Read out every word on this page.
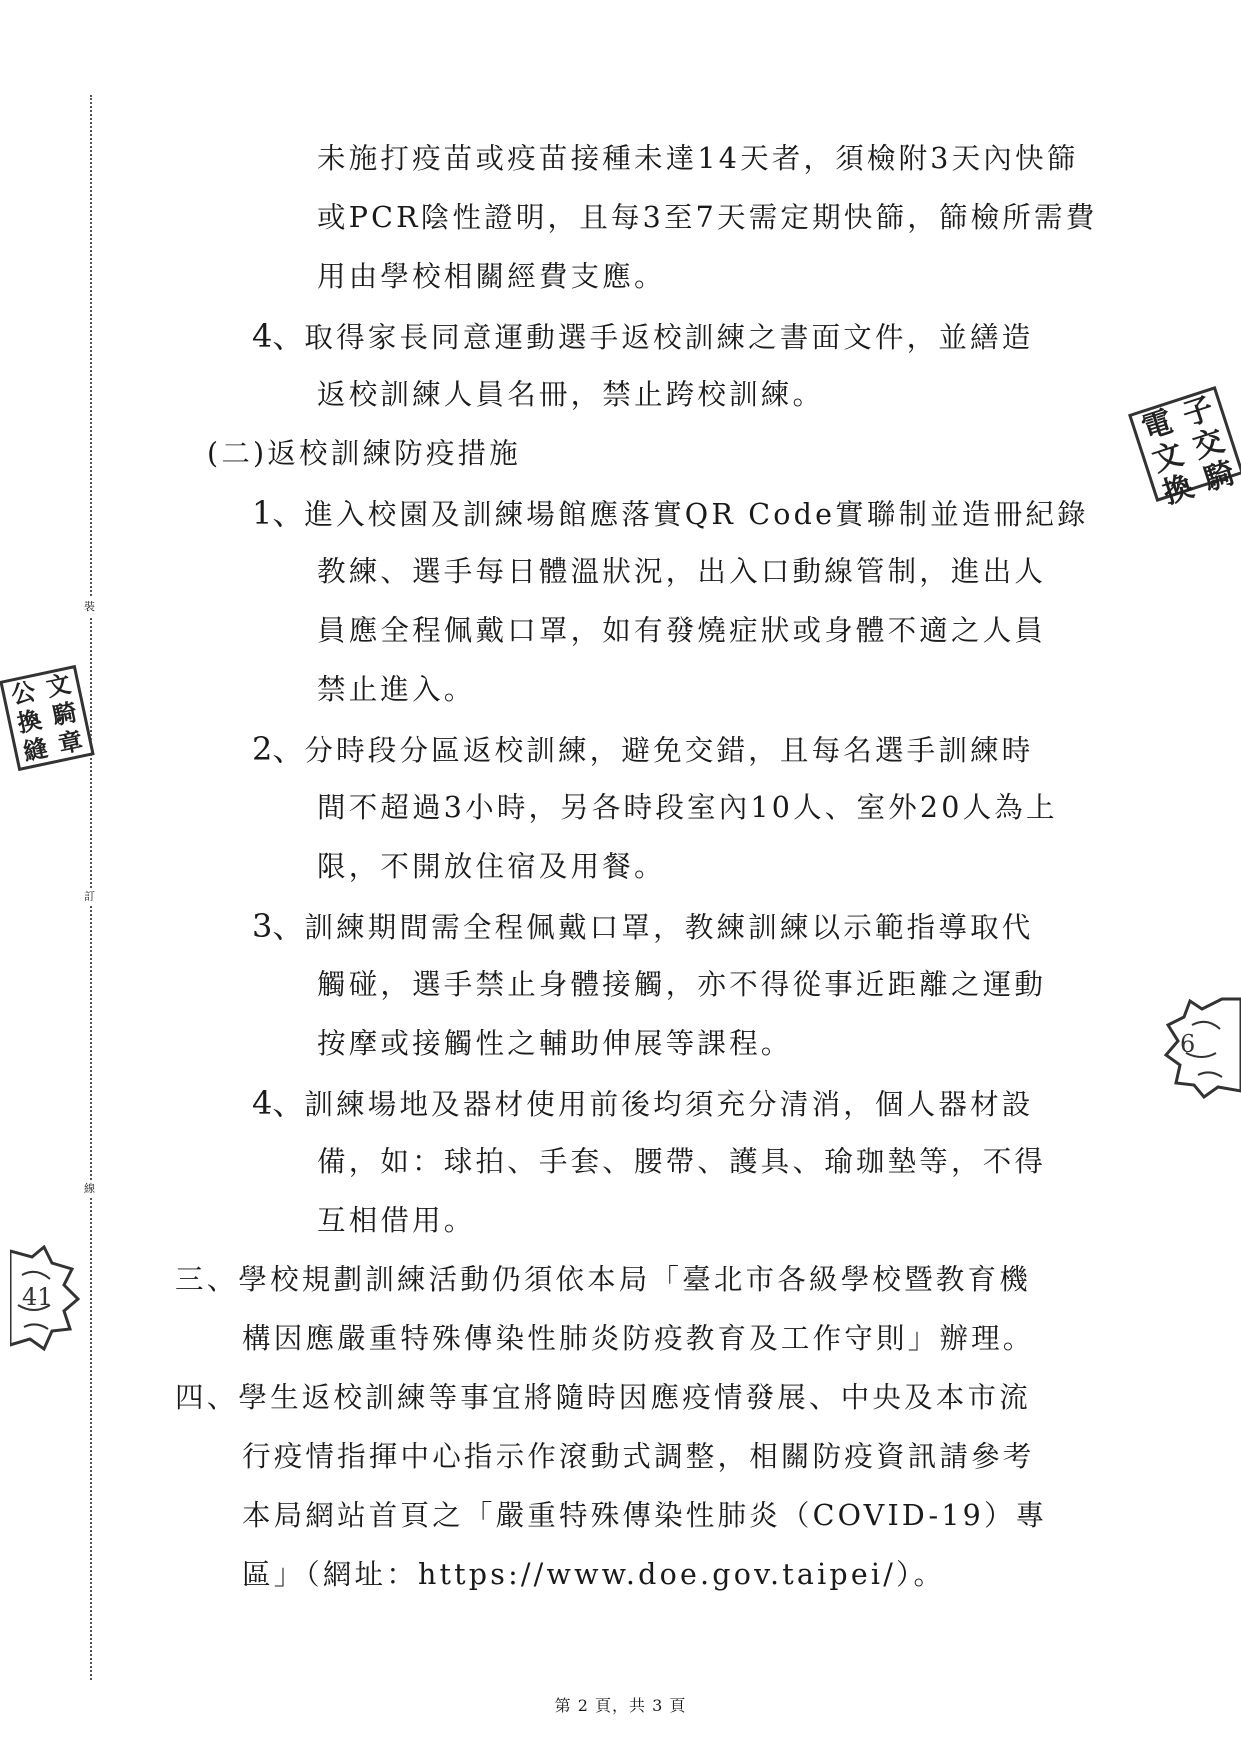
裝
訂
線
未施打疫苗或疫苗接種未達14天者，須檢附3天內快篩
或PCR陰性證明，且每3至7天需定期快篩，篩檢所需費
用由學校相關經費支應。
4、取得家長同意運動選手返校訓練之書面文件，並繕造
返校訓練人員名冊，禁止跨校訓練。
(二)返校訓練防疫措施
1、進入校園及訓練場館應落實QR Code實聯制並造冊紀錄
教練、選手每日體溫狀況，出入口動線管制，進出人
員應全程佩戴口罩，如有發燒症狀或身體不適之人員
禁止進入。
2、分時段分區返校訓練，避免交錯，且每名選手訓練時
間不超過3小時，另各時段室內10人、室外20人為上
限，不開放住宿及用餐。
3、訓練期間需全程佩戴口罩，教練訓練以示範指導取代
觸碰，選手禁止身體接觸，亦不得從事近距離之運動
按摩或接觸性之輔助伸展等課程。
4、訓練場地及器材使用前後均須充分清消，個人器材設
備，如：球拍、手套、腰帶、護具、瑜珈墊等，不得
互相借用。
三、學校規劃訓練活動仍須依本局「臺北市各級學校暨教育機
構因應嚴重特殊傳染性肺炎防疫教育及工作守則」辦理。
四、學生返校訓練等事宜將隨時因應疫情發展、中央及本市流
行疫情指揮中心指示作滾動式調整，相關防疫資訊請參考
本局網站首頁之「嚴重特殊傳染性肺炎（COVID-19）專
區」（網址：https://www.doe.gov.taipei/）。
電 子
文 交
換 騎
公 文
換 騎
縫 章
6
41
第 2 頁，共 3 頁
